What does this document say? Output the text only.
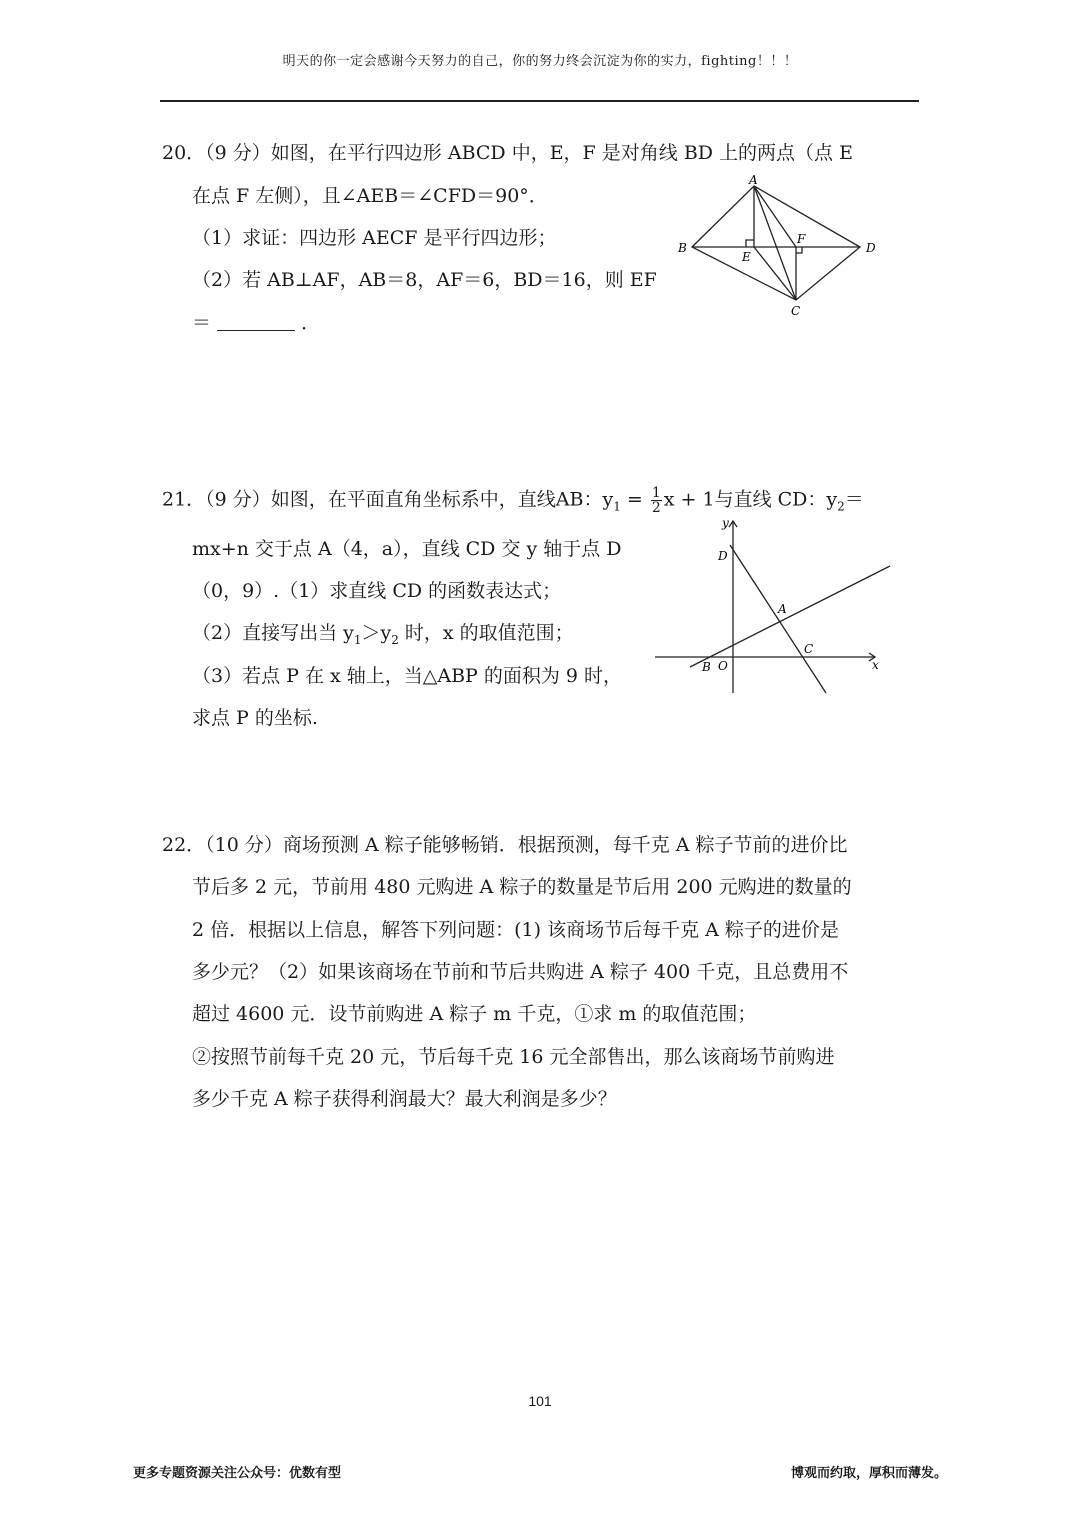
明天的你一定会感谢今天努力的自己，你的努力终会沉淀为你的实力，fighting！！！
20．（9 分）如图，在平行四边形 ABCD 中，E，F 是对角线 BD 上的两点（点 E
在点 F 左侧），且∠AEB＝∠CFD＝90°．
（1）求证：四边形 AECF 是平行四边形；
（2）若 AB⊥AF，AB＝8，AF＝6，BD＝16，则 EF
＝	．
A
B
C
D
E
F
21．（9 分）如图，在平面直角坐标系中，直线AB：$y_1 = \frac{1}{2}$ x + 1与直线 CD：$y_2=$
mx+n 交于点 A（4，a），直线 CD 交 y 轴于点 D
（0，9）.（1）求直线 CD 的函数表达式；
（2）直接写出当 $y_1>y_2$ 时，x 的取值范围；
（3）若点 P 在 x 轴上，当△ABP 的面积为 9 时，
求点 P 的坐标.
y
x
D
A
B O
C
22．（10 分）商场预测 A 粽子能够畅销．根据预测，每千克 A 粽子节前的进价比
节后多 2 元，节前用 480 元购进 A 粽子的数量是节后用 200 元购进的数量的
2 倍．根据以上信息，解答下列问题：(1) 该商场节后每千克 A 粽子的进价是
多少元？（2）如果该商场在节前和节后共购进 A 粽子 400 千克，且总费用不
超过 4600 元．设节前购进 A 粽子 m 千克，①求 m 的取值范围；
②按照节前每千克 20 元，节后每千克 16 元全部售出，那么该商场节前购进
多少千克 A 粽子获得利润最大？最大利润是多少？
101
更多专题资源关注公众号：优数有型	博观而约取，厚积而薄发。
